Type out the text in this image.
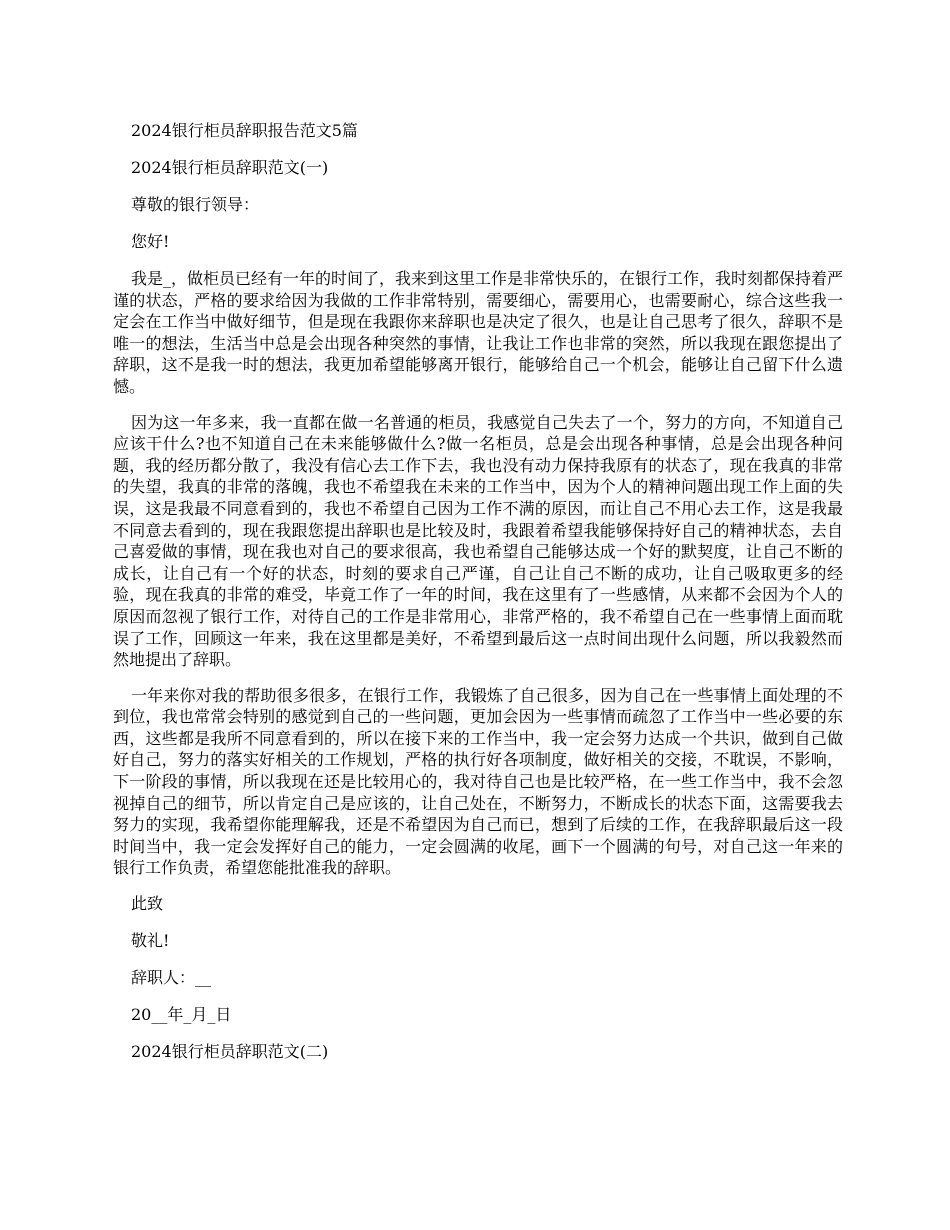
2024银行柜员辞职报告范文5篇

2024银行柜员辞职范文(一)

尊敬的银行领导：

您好!

我是_，做柜员已经有一年的时间了，我来到这里工作是非常快乐的，在银行工作，我时刻都保持着严谨的状态，严格的要求给因为我做的工作非常特别，需要细心，需要用心，也需要耐心，综合这些我一定会在工作当中做好细节，但是现在我跟你来辞职也是决定了很久，也是让自己思考了很久，辞职不是唯一的想法，生活当中总是会出现各种突然的事情，让我让工作也非常的突然，所以我现在跟您提出了辞职，这不是我一时的想法，我更加希望能够离开银行，能够给自己一个机会，能够让自己留下什么遗憾。

因为这一年多来，我一直都在做一名普通的柜员，我感觉自己失去了一个，努力的方向，不知道自己应该干什么?也不知道自己在未来能够做什么?做一名柜员，总是会出现各种事情，总是会出现各种问题，我的经历都分散了，我没有信心去工作下去，我也没有动力保持我原有的状态了，现在我真的非常的失望，我真的非常的落魄，我也不希望我在未来的工作当中，因为个人的精神问题出现工作上面的失误，这是我最不同意看到的，我也不希望自己因为工作不满的原因，而让自己不用心去工作，这是我最不同意去看到的，现在我跟您提出辞职也是比较及时，我跟着希望我能够保持好自己的精神状态，去自己喜爱做的事情，现在我也对自己的要求很高，我也希望自己能够达成一个好的默契度，让自己不断的成长，让自己有一个好的状态，时刻的要求自己严谨，自己让自己不断的成功，让自己吸取更多的经验，现在我真的非常的难受，毕竟工作了一年的时间，我在这里有了一些感情，从来都不会因为个人的原因而忽视了银行工作，对待自己的工作是非常用心，非常严格的，我不希望自己在一些事情上面而耽误了工作，回顾这一年来，我在这里都是美好，不希望到最后这一点时间出现什么问题，所以我毅然而然地提出了辞职。

一年来你对我的帮助很多很多，在银行工作，我锻炼了自己很多，因为自己在一些事情上面处理的不到位，我也常常会特别的感觉到自己的一些问题，更加会因为一些事情而疏忽了工作当中一些必要的东西，这些都是我所不同意看到的，所以在接下来的工作当中，我一定会努力达成一个共识，做到自己做好自己，努力的落实好相关的工作规划，严格的执行好各项制度，做好相关的交接，不耽误，不影响，下一阶段的事情，所以我现在还是比较用心的，我对待自己也是比较严格，在一些工作当中，我不会忽视掉自己的细节，所以肯定自己是应该的，让自己处在，不断努力，不断成长的状态下面，这需要我去努力的实现，我希望你能理解我，还是不希望因为自己而已，想到了后续的工作，在我辞职最后这一段时间当中，我一定会发挥好自己的能力，一定会圆满的收尾，画下一个圆满的句号，对自己这一年来的银行工作负责，希望您能批准我的辞职。

此致

敬礼!

辞职人：__

20__年_月_日

2024银行柜员辞职范文(二)
